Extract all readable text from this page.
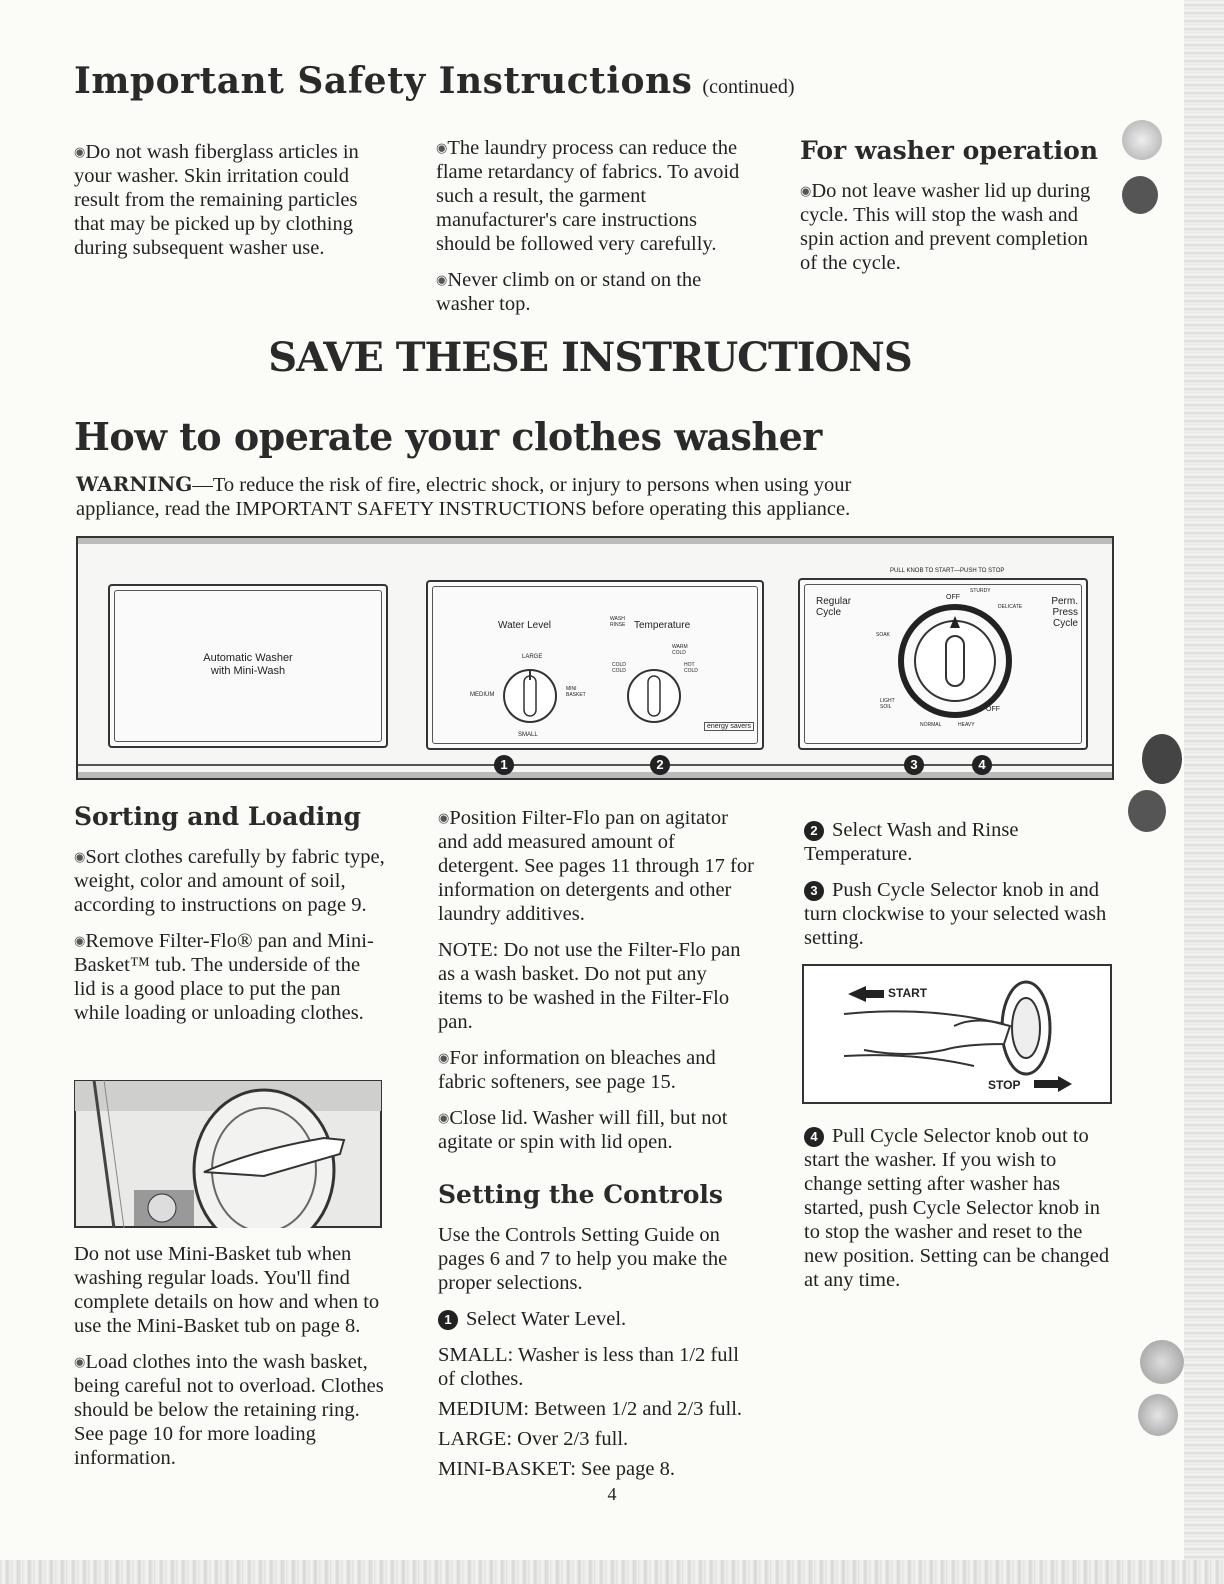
Important Safety Instructions (continued)

◉ Do not wash fiberglass articles in your washer. Skin irritation could result from the remaining particles that may be picked up by clothing during subsequent washer use.

◉ The laundry process can reduce the flame retardancy of fabrics. To avoid such a result, the garment manufacturer's care instructions should be followed very carefully.

◉ Never climb on or stand on the washer top.

For washer operation

◉ Do not leave washer lid up during cycle. This will stop the wash and spin action and prevent completion of the cycle.

SAVE THESE INSTRUCTIONS
How to operate your clothes washer
WARNING—To reduce the risk of fire, electric shock, or injury to persons when using your appliance, read the IMPORTANT SAFETY INSTRUCTIONS before operating this appliance.
Automatic Washer
with Mini-Wash
Water Level
WASH RINSE Temperature
LARGE
MEDIUM
SMALL
MINI BASKET
WARM COLD
COLD COLD
HOT COLD
energy savers
PULL KNOB TO START—PUSH TO STOP
Regular Cycle
OFF
STURDY
DELICATE	Perm. Press Cycle
SOAK
LIGHT SOIL
NORMAL	HEAVY
OFF
1	2	3	4
Sorting and Loading

◉ Sort clothes carefully by fabric type, weight, color and amount of soil, according to instructions on page 9.

◉ Remove Filter-Flo® pan and Mini-Basket™ tub. The underside of the lid is a good place to put the pan while loading or unloading clothes.

Do not use Mini-Basket tub when washing regular loads. You'll find complete details on how and when to use the Mini-Basket tub on page 8.

◉ Load clothes into the wash basket, being careful not to overload. Clothes should be below the retaining ring. See page 10 for more loading information.

◉ Position Filter-Flo pan on agitator and add measured amount of detergent. See pages 11 through 17 for information on detergents and other laundry additives.

NOTE: Do not use the Filter-Flo pan as a wash basket. Do not put any items to be washed in the Filter-Flo pan.

◉ For information on bleaches and fabric softeners, see page 15.

◉ Close lid. Washer will fill, but not agitate or spin with lid open.

Setting the Controls

Use the Controls Setting Guide on pages 6 and 7 to help you make the proper selections.

1 Select Water Level.

SMALL: Washer is less than 1/2 full of clothes.

MEDIUM: Between 1/2 and 2/3 full.

LARGE: Over 2/3 full.

MINI-BASKET: See page 8.

2 Select Wash and Rinse Temperature.

3 Push Cycle Selector knob in and turn clockwise to your selected wash setting.

START
STOP

4 Pull Cycle Selector knob out to start the washer. If you wish to change setting after washer has started, push Cycle Selector knob in to stop the washer and reset to the new position. Setting can be changed at any time.

4
